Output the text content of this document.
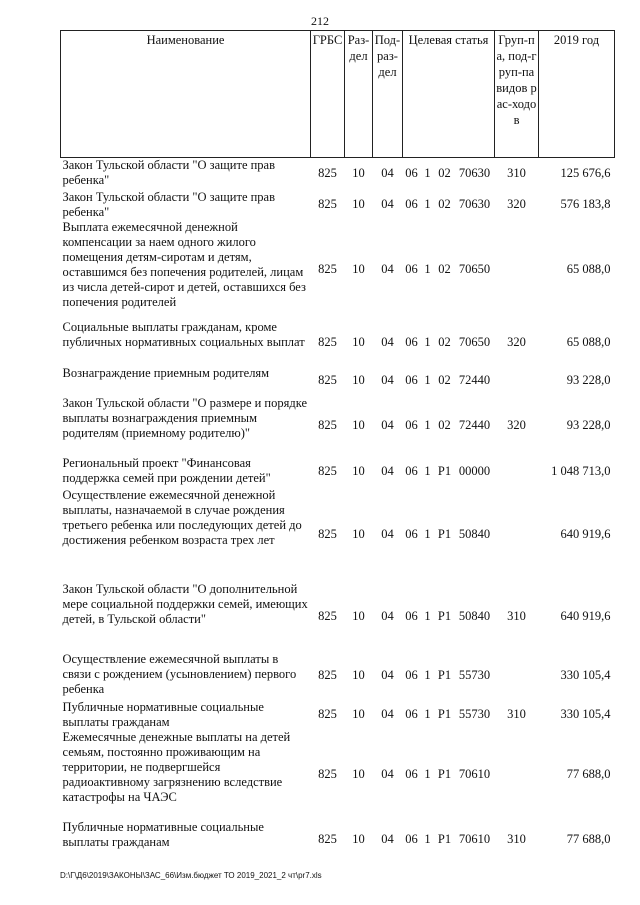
212
Наименование	ГРБС	Раз-дел	Под-раз-дел	Целевая статья				Груп-па, под-груп-па видов рас-ходов	2019 год
Закон Тульской области "О защите прав ребенка"	825	10	04	06	1	02	70630	310	125 676,6
Закон Тульской области "О защите прав ребенка"	825	10	04	06	1	02	70630	320	576 183,8
Выплата ежемесячной денежной компенсации за наем одного жилого помещения детям-сиротам и детям, оставшимся без попечения родителей, лицам из числа детей-сирот и детей, оставшихся без попечения родителей	825	10	04	06	1	02	70650		65 088,0
Социальные выплаты гражданам, кроме публичных нормативных социальных выплат	825	10	04	06	1	02	70650	320	65 088,0
Вознаграждение приемным родителям	825	10	04	06	1	02	72440		93 228,0
Закон Тульской области "О размере и порядке выплаты вознаграждения приемным родителям (приемному родителю)"	825	10	04	06	1	02	72440	320	93 228,0
Региональный проект "Финансовая поддержка семей при рождении детей"	825	10	04	06	1	P1	00000		1 048 713,0
Осуществление ежемесячной денежной выплаты, назначаемой в случае рождения третьего ребенка или последующих детей до достижения ребенком возраста трех лет	825	10	04	06	1	P1	50840		640 919,6
Закон Тульской области "О дополнительной мере социальной поддержки семей, имеющих детей, в Тульской области"	825	10	04	06	1	P1	50840	310	640 919,6
Осуществление ежемесячной выплаты в связи с рождением (усыновлением) первого ребенка	825	10	04	06	1	P1	55730		330 105,4
Публичные нормативные социальные выплаты гражданам	825	10	04	06	1	P1	55730	310	330 105,4
Ежемесячные денежные выплаты на детей семьям, постоянно проживающим на территории, не подвергшейся радиоактивному загрязнению вследствие катастрофы на ЧАЭС	825	10	04	06	1	P1	70610		77 688,0
Публичные нормативные социальные выплаты гражданам	825	10	04	06	1	P1	70610	310	77 688,0
D:\Г\Д6\2019\ЗАКОНЫ\ЗАС_66\Изм.бюджет ТО 2019_2021_2 чт\pr7.xls
